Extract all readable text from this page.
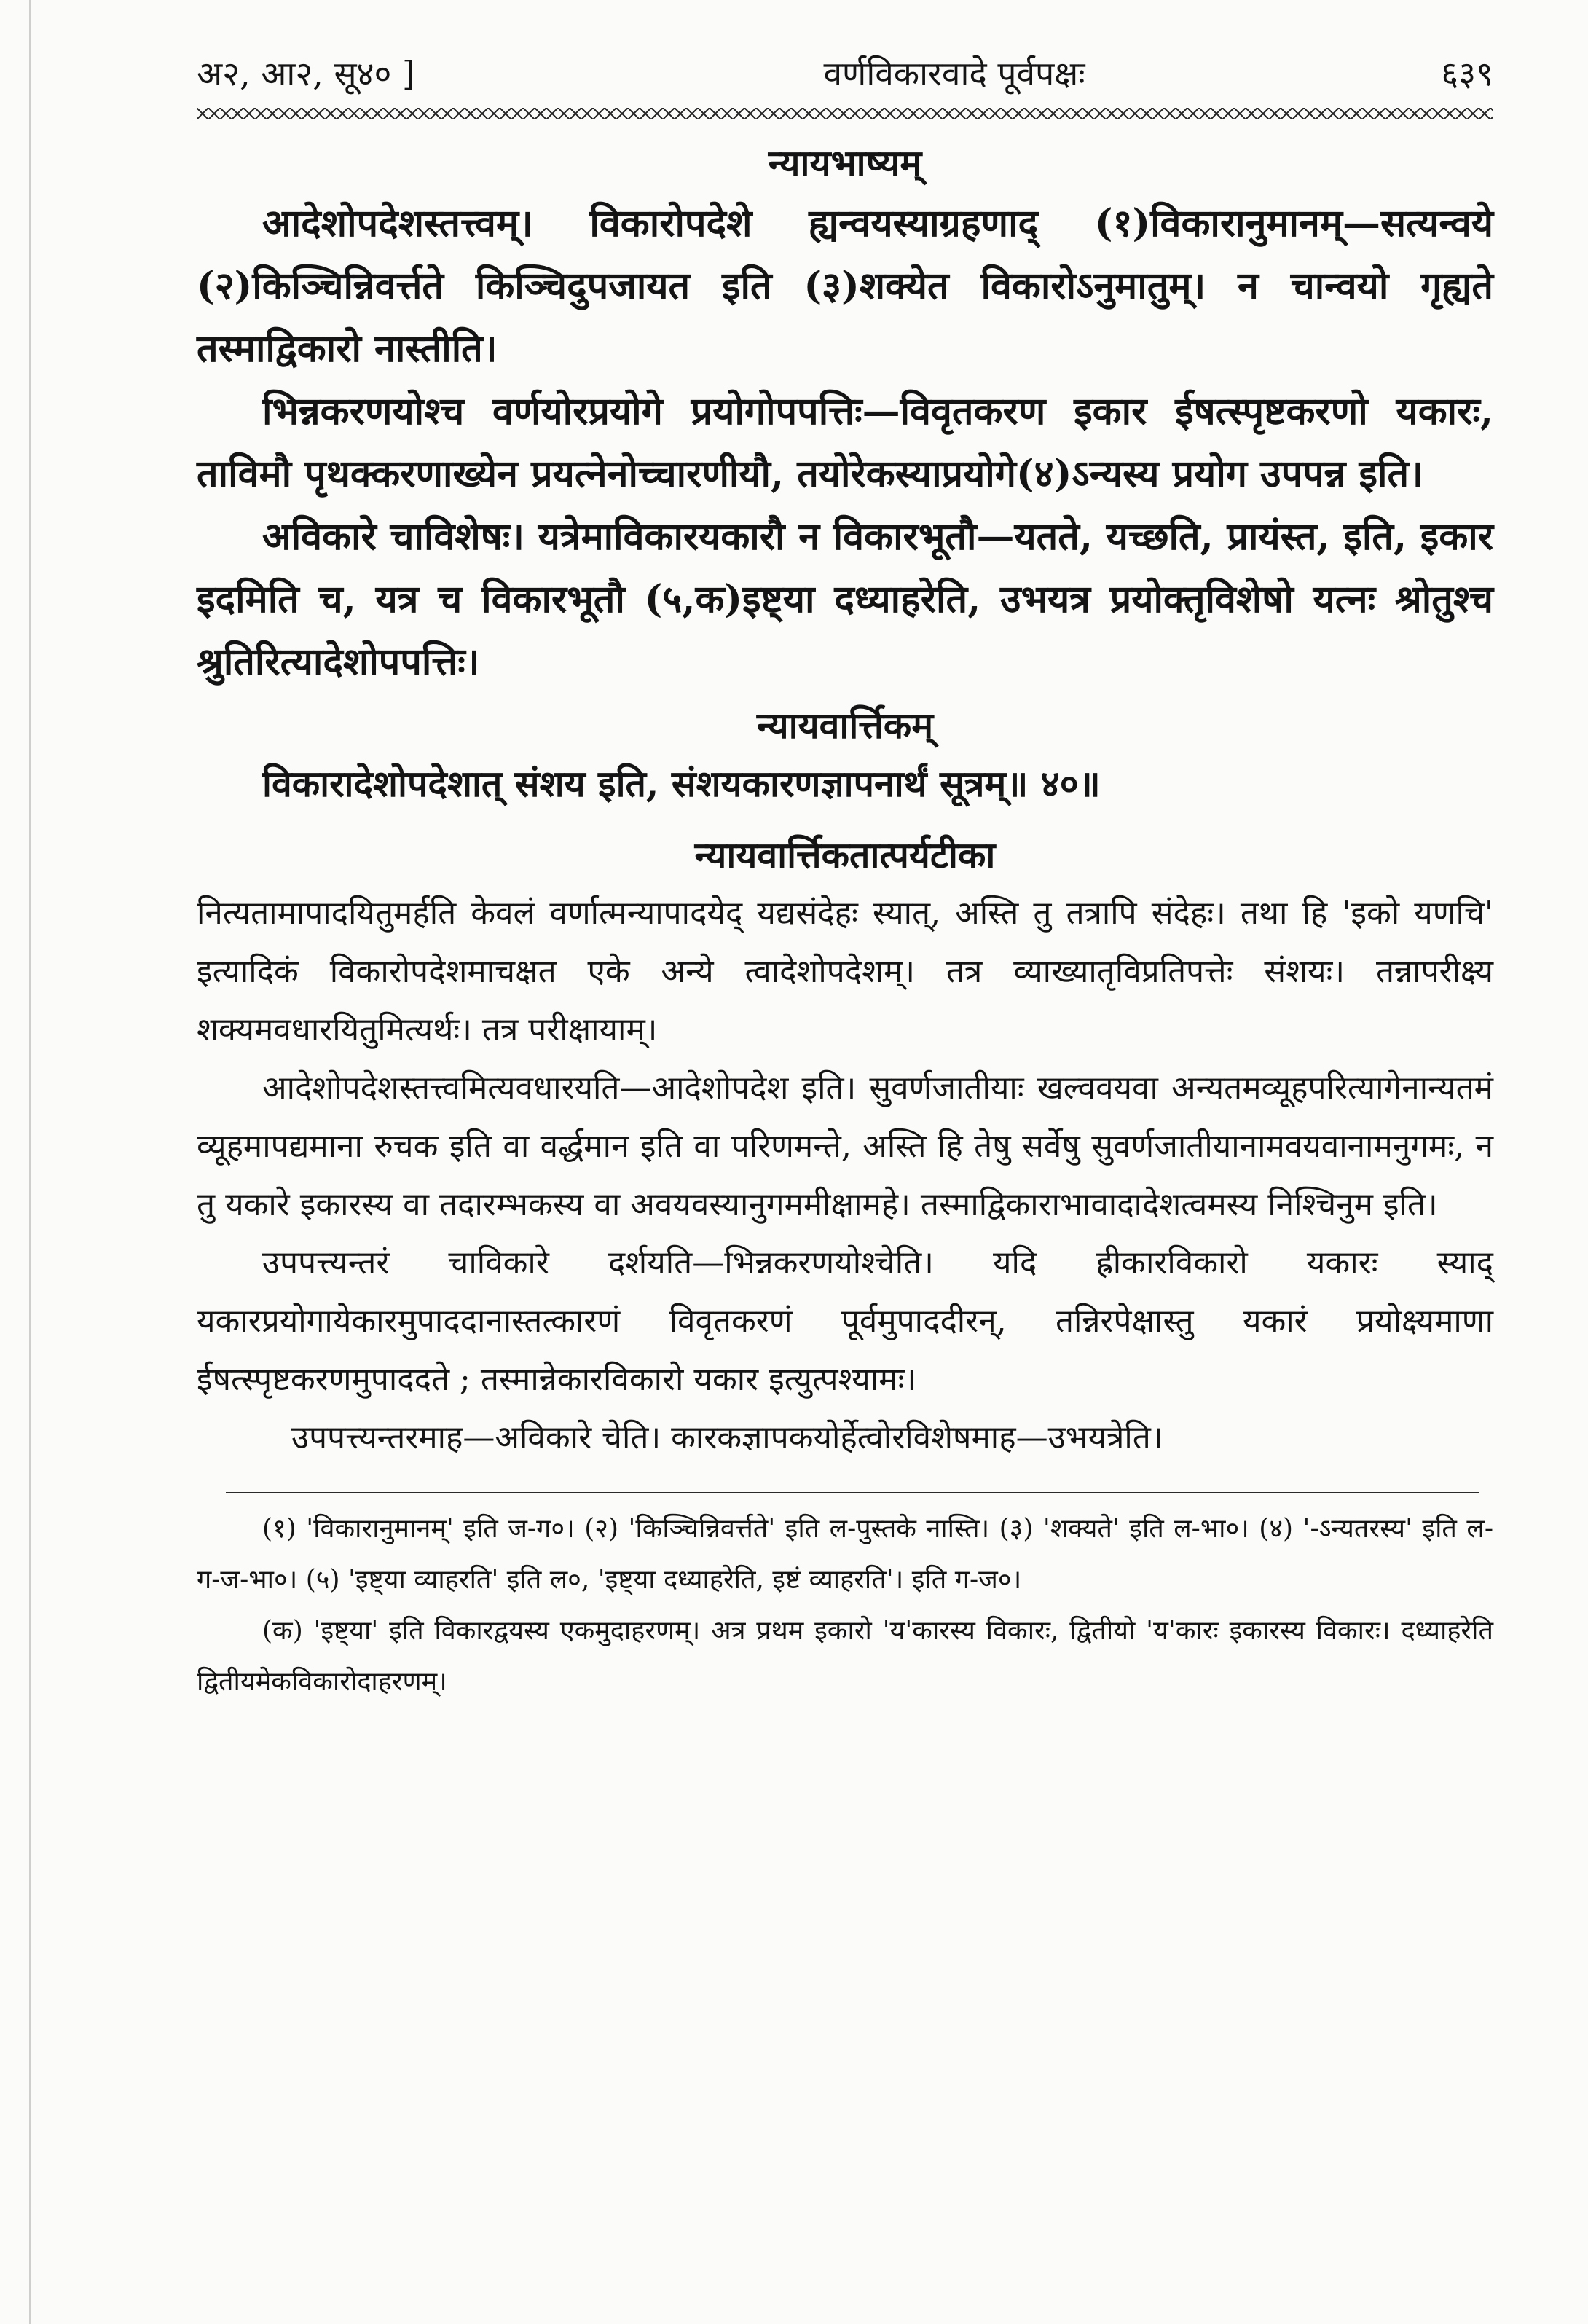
अ२, आ२, सू४० ]	वर्णविकारवादे पूर्वपक्षः	६३९
न्यायभाष्यम्

आदेशोपदेशस्तत्त्वम्। विकारोपदेशे ह्यन्वयस्याग्रहणाद् (१)विकारानुमानम्—सत्यन्वये (२)किञ्चिन्निवर्त्तते किञ्चिदुपजायत इति (३)शक्येत विकारोऽनुमातुम्। न चान्वयो गृह्यते तस्माद्विकारो नास्तीति।

भिन्नकरणयोश्च वर्णयोरप्रयोगे प्रयोगोपपत्तिः—विवृतकरण इकार ईषत्स्पृष्टकरणो यकारः, ताविमौ पृथक्करणाख्येन प्रयत्नेनोच्चारणीयौ, तयोरेकस्याप्रयोगे(४)ऽन्यस्य प्रयोग उपपन्न इति।

अविकारे चाविशेषः। यत्रेमाविकारयकारौ न विकारभूतौ—यतते, यच्छति, प्रायंस्त, इति, इकार इदमिति च, यत्र च विकारभूतौ (५,क)इष्ट्या दध्याहरेति, उभयत्र प्रयोक्तृविशेषो यत्नः श्रोतुश्च श्रुतिरित्यादेशोपपत्तिः।

न्यायवार्त्तिकम्

विकारादेशोपदेशात् संशय इति, संशयकारणज्ञापनार्थं सूत्रम्॥ ४०॥

न्यायवार्त्तिकतात्पर्यटीका

नित्यतामापादयितुमर्हति केवलं वर्णात्मन्यापादयेद् यद्यसंदेहः स्यात्, अस्ति तु तत्रापि संदेहः। तथा हि 'इको यणचि' इत्यादिकं विकारोपदेशमाचक्षत एके अन्ये त्वादेशोपदेशम्। तत्र व्याख्यातृविप्रतिपत्तेः संशयः। तन्नापरीक्ष्य शक्यमवधारयितुमित्यर्थः। तत्र परीक्षायाम्।

आदेशोपदेशस्तत्त्वमित्यवधारयति—आदेशोपदेश इति। सुवर्णजातीयाः खल्ववयवा अन्यतमव्यूहपरित्यागेनान्यतमं व्यूहमापद्यमाना रुचक इति वा वर्द्धमान इति वा परिणमन्ते, अस्ति हि तेषु सर्वेषु सुवर्णजातीयानामवयवानामनुगमः, न तु यकारे इकारस्य वा तदारम्भकस्य वा अवयवस्यानुगममीक्षामहे। तस्माद्विकाराभावादादेशत्वमस्य निश्चिनुम इति।

उपपत्त्यन्तरं चाविकारे दर्शयति—भिन्नकरणयोश्चेति। यदि ह्रीकारविकारो यकारः स्याद् यकारप्रयोगायेकारमुपाददानास्तत्कारणं विवृतकरणं पूर्वमुपाददीरन्, तन्निरपेक्षास्तु यकारं प्रयोक्ष्यमाणा ईषत्स्पृष्टकरणमुपाददते ; तस्मान्नेकारविकारो यकार इत्युत्पश्यामः।

उपपत्त्यन्तरमाह—अविकारे चेति। कारकज्ञापकयोर्हेत्वोरविशेषमाह—उभयत्रेति।

(१) 'विकारानुमानम्' इति ज-ग०। (२) 'किञ्चिन्निवर्त्तते' इति ल-पुस्तके नास्ति। (३) 'शक्यते' इति ल-भा०। (४) '-ऽन्यतरस्य' इति ल-ग-ज-भा०। (५) 'इष्ट्या व्याहरति' इति ल०, 'इष्ट्या दध्याहरेति, इष्टं व्याहरति'। इति ग-ज०।

(क) 'इष्ट्या' इति विकारद्वयस्य एकमुदाहरणम्। अत्र प्रथम इकारो 'य'कारस्य विकारः, द्वितीयो 'य'कारः इकारस्य विकारः। दध्याहरेति द्वितीयमेकविकारोदाहरणम्।
